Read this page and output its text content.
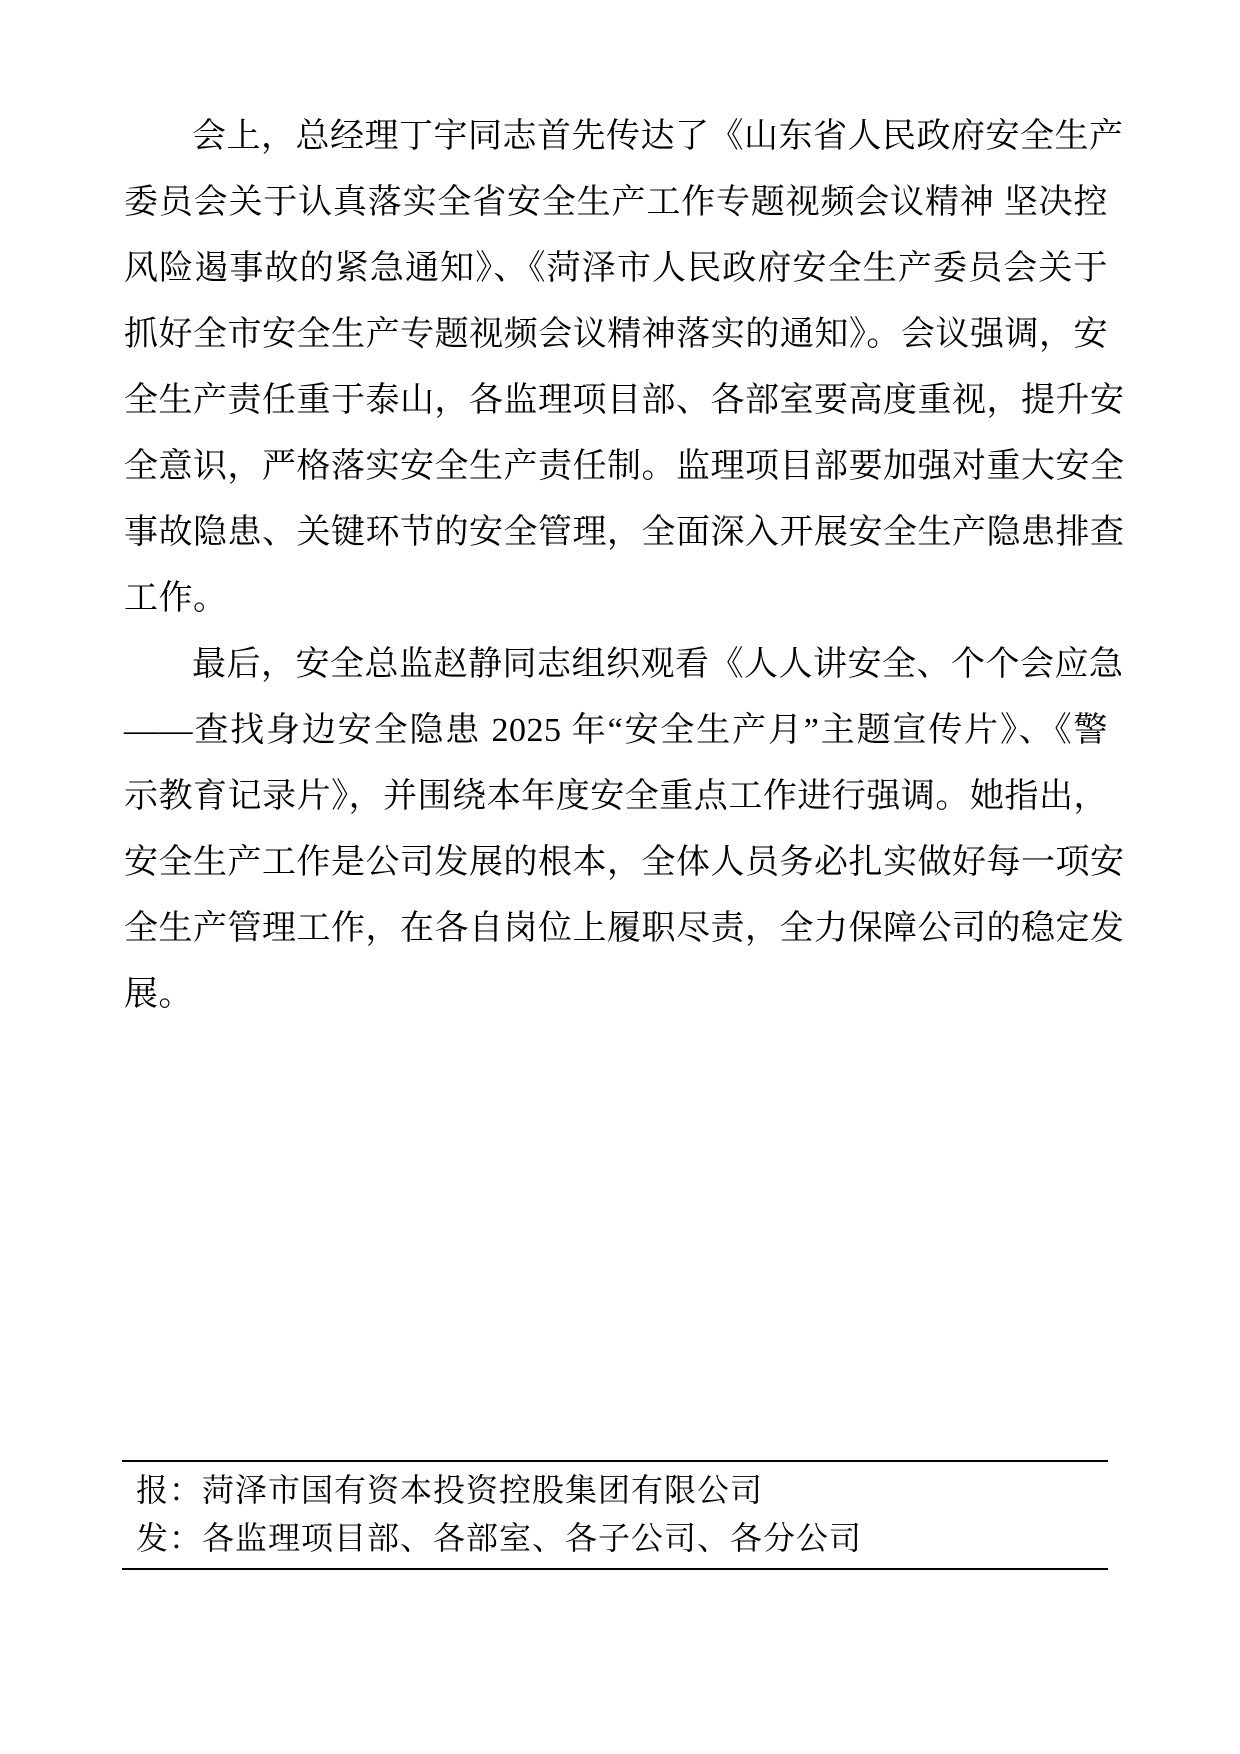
会上，总经理丁宇同志首先传达了《山东省人民政府安全生产
委员会关于认真落实全省安全生产工作专题视频会议精神 坚决控
风险遏事故的紧急通知》、《菏泽市人民政府安全生产委员会关于
抓好全市安全生产专题视频会议精神落实的通知》。会议强调，安
全生产责任重于泰山，各监理项目部、各部室要高度重视，提升安
全意识，严格落实安全生产责任制。监理项目部要加强对重大安全
事故隐患、关键环节的安全管理，全面深入开展安全生产隐患排查
工作。
最后，安全总监赵静同志组织观看《人人讲安全、个个会应急
——查找身边安全隐患 2025 年“安全生产月”主题宣传片》、《警
示教育记录片》，并围绕本年度安全重点工作进行强调。她指出，
安全生产工作是公司发展的根本，全体人员务必扎实做好每一项安
全生产管理工作，在各自岗位上履职尽责，全力保障公司的稳定发
展。
报：菏泽市国有资本投资控股集团有限公司
发：各监理项目部、各部室、各子公司、各分公司
